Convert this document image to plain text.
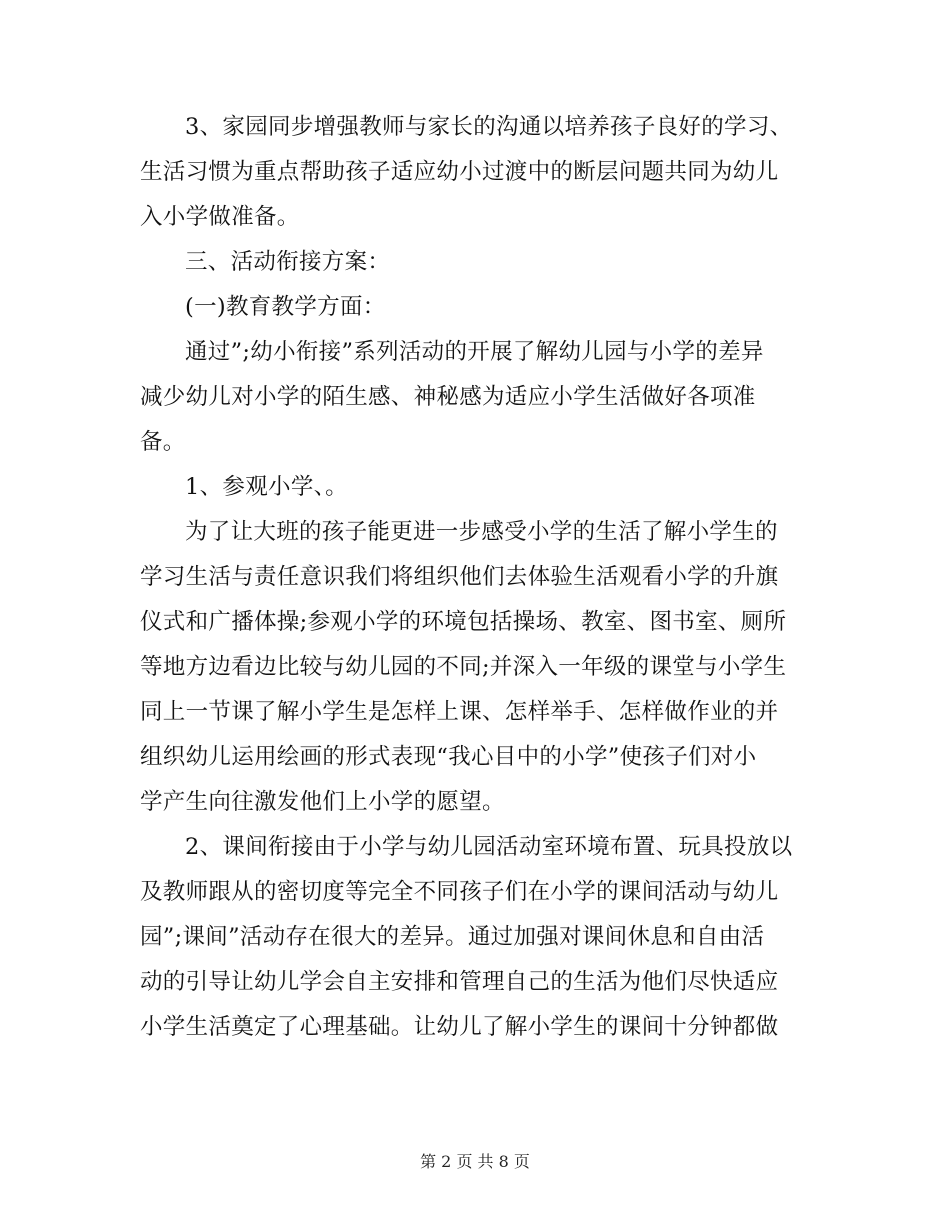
3、家园同步增强教师与家长的沟通以培养孩子良好的学习、
生活习惯为重点帮助孩子适应幼小过渡中的断层问题共同为幼儿
入小学做准备。
三、活动衔接方案：
(一)教育教学方面：
通过”;幼小衔接”系列活动的开展了解幼儿园与小学的差异
减少幼儿对小学的陌生感、神秘感为适应小学生活做好各项准
备。
1、参观小学、。
为了让大班的孩子能更进一步感受小学的生活了解小学生的
学习生活与责任意识我们将组织他们去体验生活观看小学的升旗
仪式和广播体操;参观小学的环境包括操场、教室、图书室、厕所
等地方边看边比较与幼儿园的不同;并深入一年级的课堂与小学生
同上一节课了解小学生是怎样上课、怎样举手、怎样做作业的并
组织幼儿运用绘画的形式表现“我心目中的小学”使孩子们对小
学产生向往激发他们上小学的愿望。
2、课间衔接由于小学与幼儿园活动室环境布置、玩具投放以
及教师跟从的密切度等完全不同孩子们在小学的课间活动与幼儿
园”;课间”活动存在很大的差异。通过加强对课间休息和自由活
动的引导让幼儿学会自主安排和管理自己的生活为他们尽快适应
小学生活奠定了心理基础。让幼儿了解小学生的课间十分钟都做
第 2 页 共 8 页
